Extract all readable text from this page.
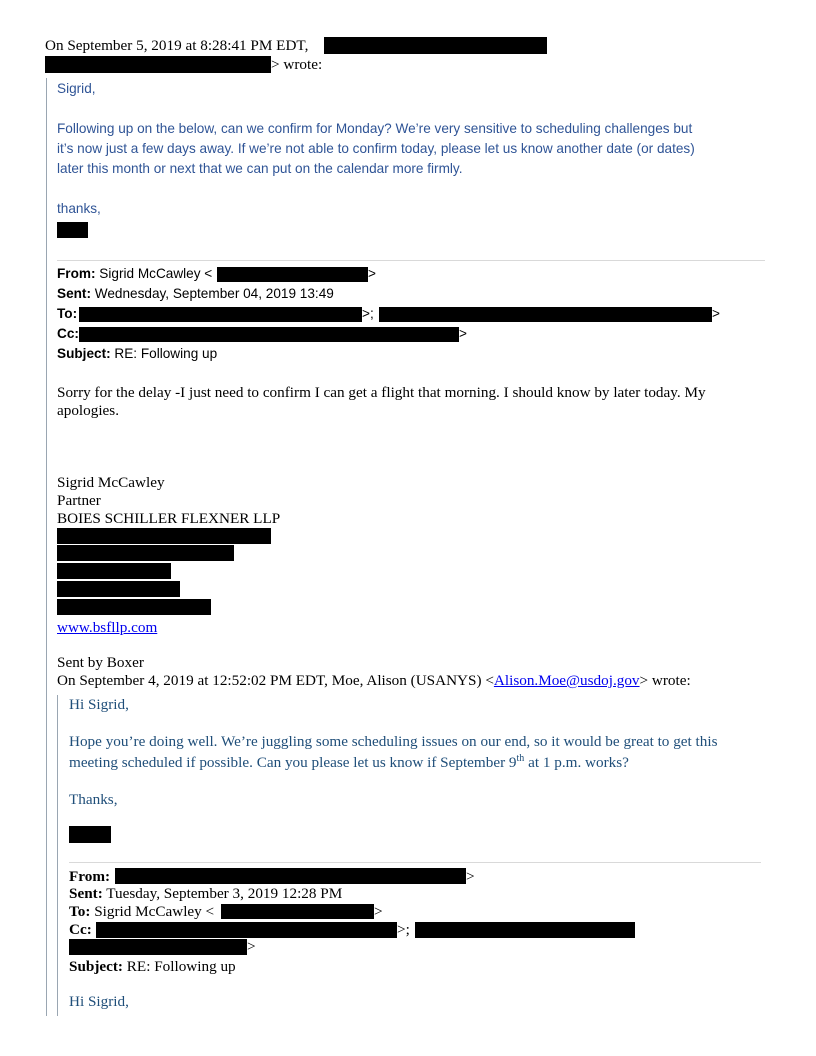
On September 5, 2019 at 8:28:41 PM EDT,
> wrote:
Sigrid,
Following up on the below, can we confirm for Monday? We’re very sensitive to scheduling challenges but
it’s now just a few days away. If we’re not able to confirm today, please let us know another date (or dates)
later this month or next that we can put on the calendar more firmly.
thanks,
From: Sigrid McCawley <	>
Sent: Wednesday, September 04, 2019 13:49
To:	>;	>
Cc:	>
Subject: RE: Following up
Sorry for the delay -I just need to confirm I can get a flight that morning. I should know by later today. My
apologies.
Sigrid McCawley
Partner
BOIES SCHILLER FLEXNER LLP
www.bsfllp.com
Sent by Boxer
On September 4, 2019 at 12:52:02 PM EDT, Moe, Alison (USANYS) <Alison.Moe@usdoj.gov> wrote:
Hi Sigrid,
Hope you’re doing well. We’re juggling some scheduling issues on our end, so it would be great to get this
meeting scheduled if possible. Can you please let us know if September 9th at 1 p.m. works?
Thanks,
From:	>
Sent: Tuesday, September 3, 2019 12:28 PM
To: Sigrid McCawley <	>
Cc:	>;
>
Subject: RE: Following up
Hi Sigrid,
